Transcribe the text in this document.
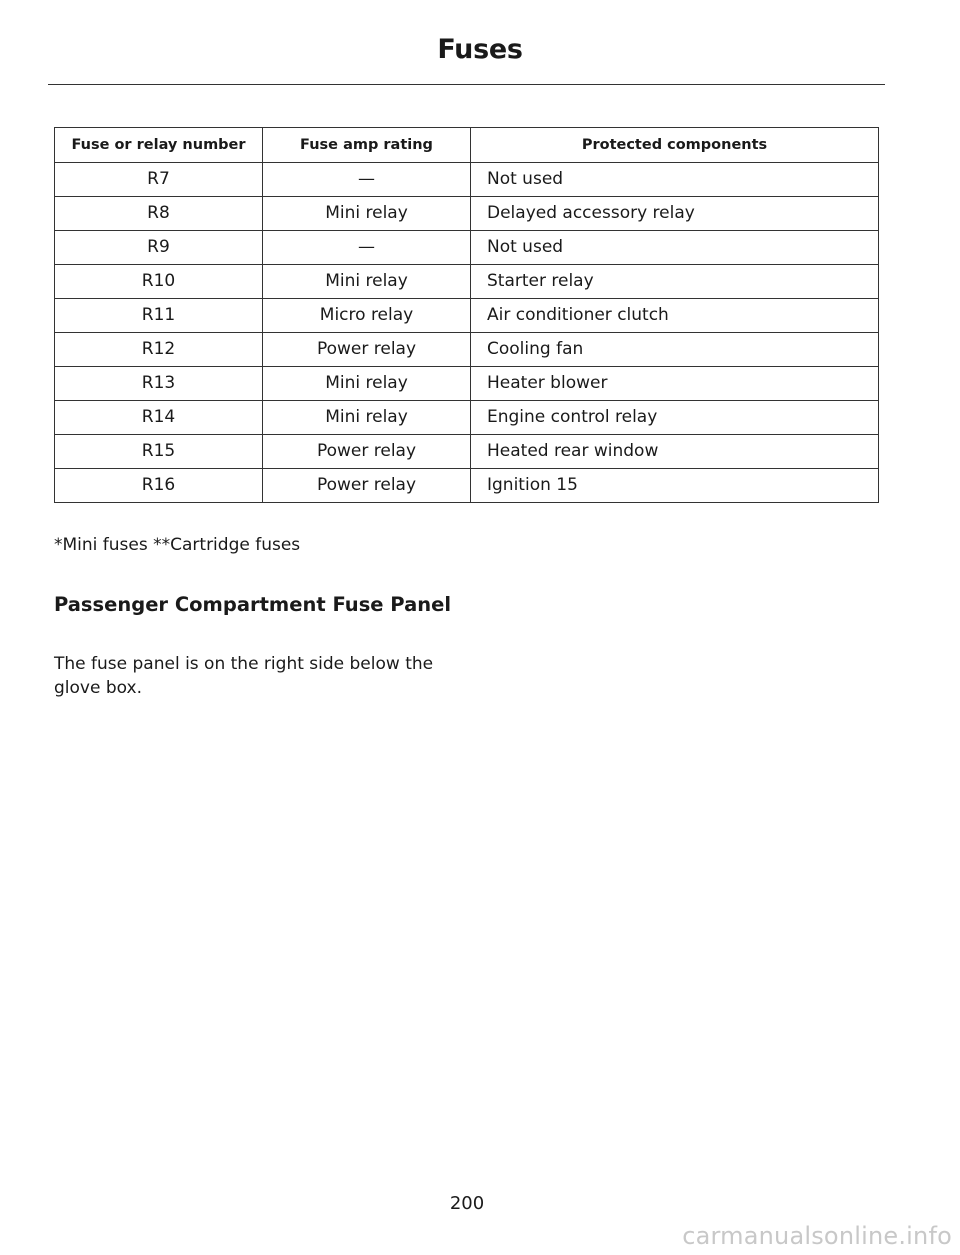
Fuses
Fuse or relay number	Fuse amp rating	Protected components
R7	—	Not used
R8	Mini relay	Delayed accessory relay
R9	—	Not used
R10	Mini relay	Starter relay
R11	Micro relay	Air conditioner clutch
R12	Power relay	Cooling fan
R13	Mini relay	Heater blower
R14	Mini relay	Engine control relay
R15	Power relay	Heated rear window
R16	Power relay	Ignition 15
*Mini fuses **Cartridge fuses
Passenger Compartment Fuse Panel
The fuse panel is on the right side below the glove box.
200
carmanualsonline.info
